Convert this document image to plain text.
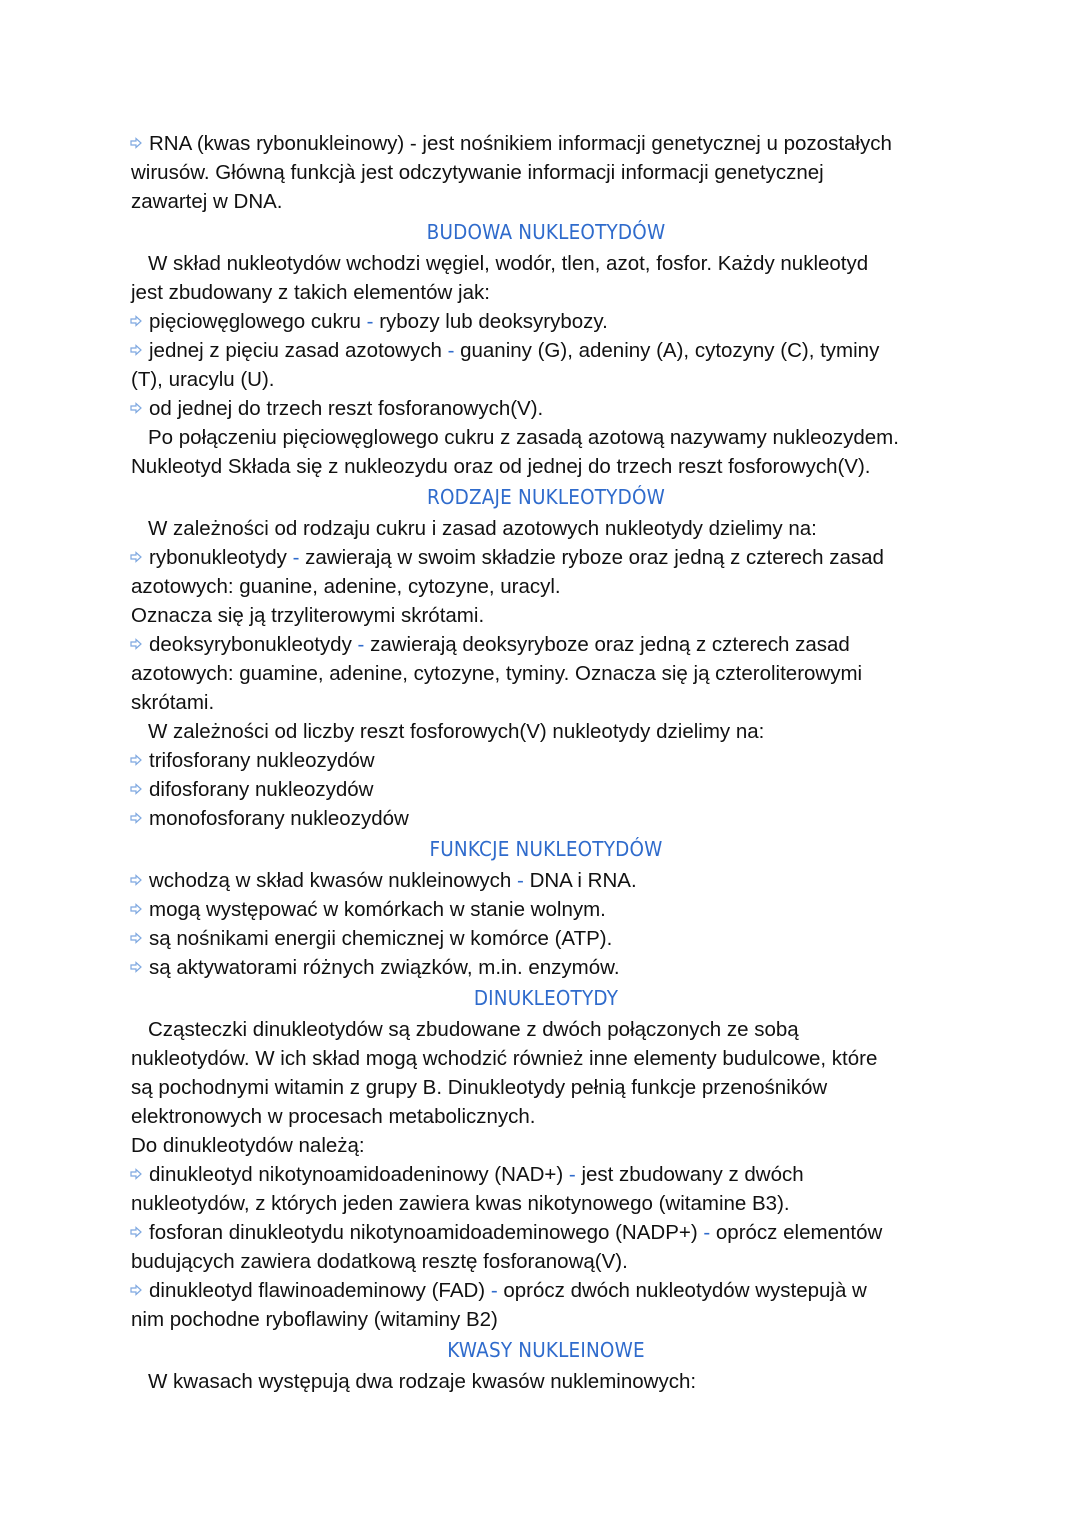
RNA (kwas rybonukleinowy) - jest nośnikiem informacji genetycznej u pozostałych
wirusów. Główną funkcjà jest odczytywanie informacji informacji genetycznej
zawartej w DNA.
BUDOWA NUKLEOTYDÓW
W skład nukleotydów wchodzi węgiel, wodór, tlen, azot, fosfor. Każdy nukleotyd
jest zbudowany z takich elementów jak:
pięciowęglowego cukru - rybozy lub deoksyrybozy.
jednej z pięciu zasad azotowych - guaniny (G), adeniny (A), cytozyny (C), tyminy
(T), uracylu (U).
od jednej do trzech reszt fosforanowych(V).
Po połączeniu pięciowęglowego cukru z zasadą azotową nazywamy nukleozydem.
Nukleotyd Składa się z nukleozydu oraz od jednej do trzech reszt fosforowych(V).
RODZAJE NUKLEOTYDÓW
W zależności od rodzaju cukru i zasad azotowych nukleotydy dzielimy na:
rybonukleotydy - zawierają w swoim składzie ryboze oraz jedną z czterech zasad
azotowych: guanine, adenine, cytozyne, uracyl.
Oznacza się ją trzyliterowymi skrótami.
deoksyrybonukleotydy - zawierają deoksyryboze oraz jedną z czterech zasad
azotowych: guamine, adenine, cytozyne, tyminy. Oznacza się ją czteroliterowymi
skrótami.
W zależności od liczby reszt fosforowych(V) nukleotydy dzielimy na:
trifosforany nukleozydów
difosforany nukleozydów
monofosforany nukleozydów
FUNKCJE NUKLEOTYDÓW
wchodzą w skład kwasów nukleinowych - DNA i RNA.
mogą występować w komórkach w stanie wolnym.
są nośnikami energii chemicznej w komórce (ATP).
są aktywatorami różnych związków, m.in. enzymów.
DINUKLEOTYDY
Cząsteczki dinukleotydów są zbudowane z dwóch połączonych ze sobą
nukleotydów. W ich skład mogą wchodzić również inne elementy budulcowe, które
są pochodnymi witamin z grupy B. Dinukleotydy pełnią funkcje przenośników
elektronowych w procesach metabolicznych.
Do dinukleotydów należą:
dinukleotyd nikotynoamidoadeninowy (NAD+) - jest zbudowany z dwóch
nukleotydów, z których jeden zawiera kwas nikotynowego (witamine B3).
fosforan dinukleotydu nikotynoamidoademinowego (NADP+) - oprócz elementów
budujących zawiera dodatkową resztę fosforanową(V).
dinukleotyd flawinoademinowy (FAD) - oprócz dwóch nukleotydów wystepujà w
nim pochodne ryboflawiny (witaminy B2)
KWASY NUKLEINOWE
W kwasach występują dwa rodzaje kwasów nukleminowych:
